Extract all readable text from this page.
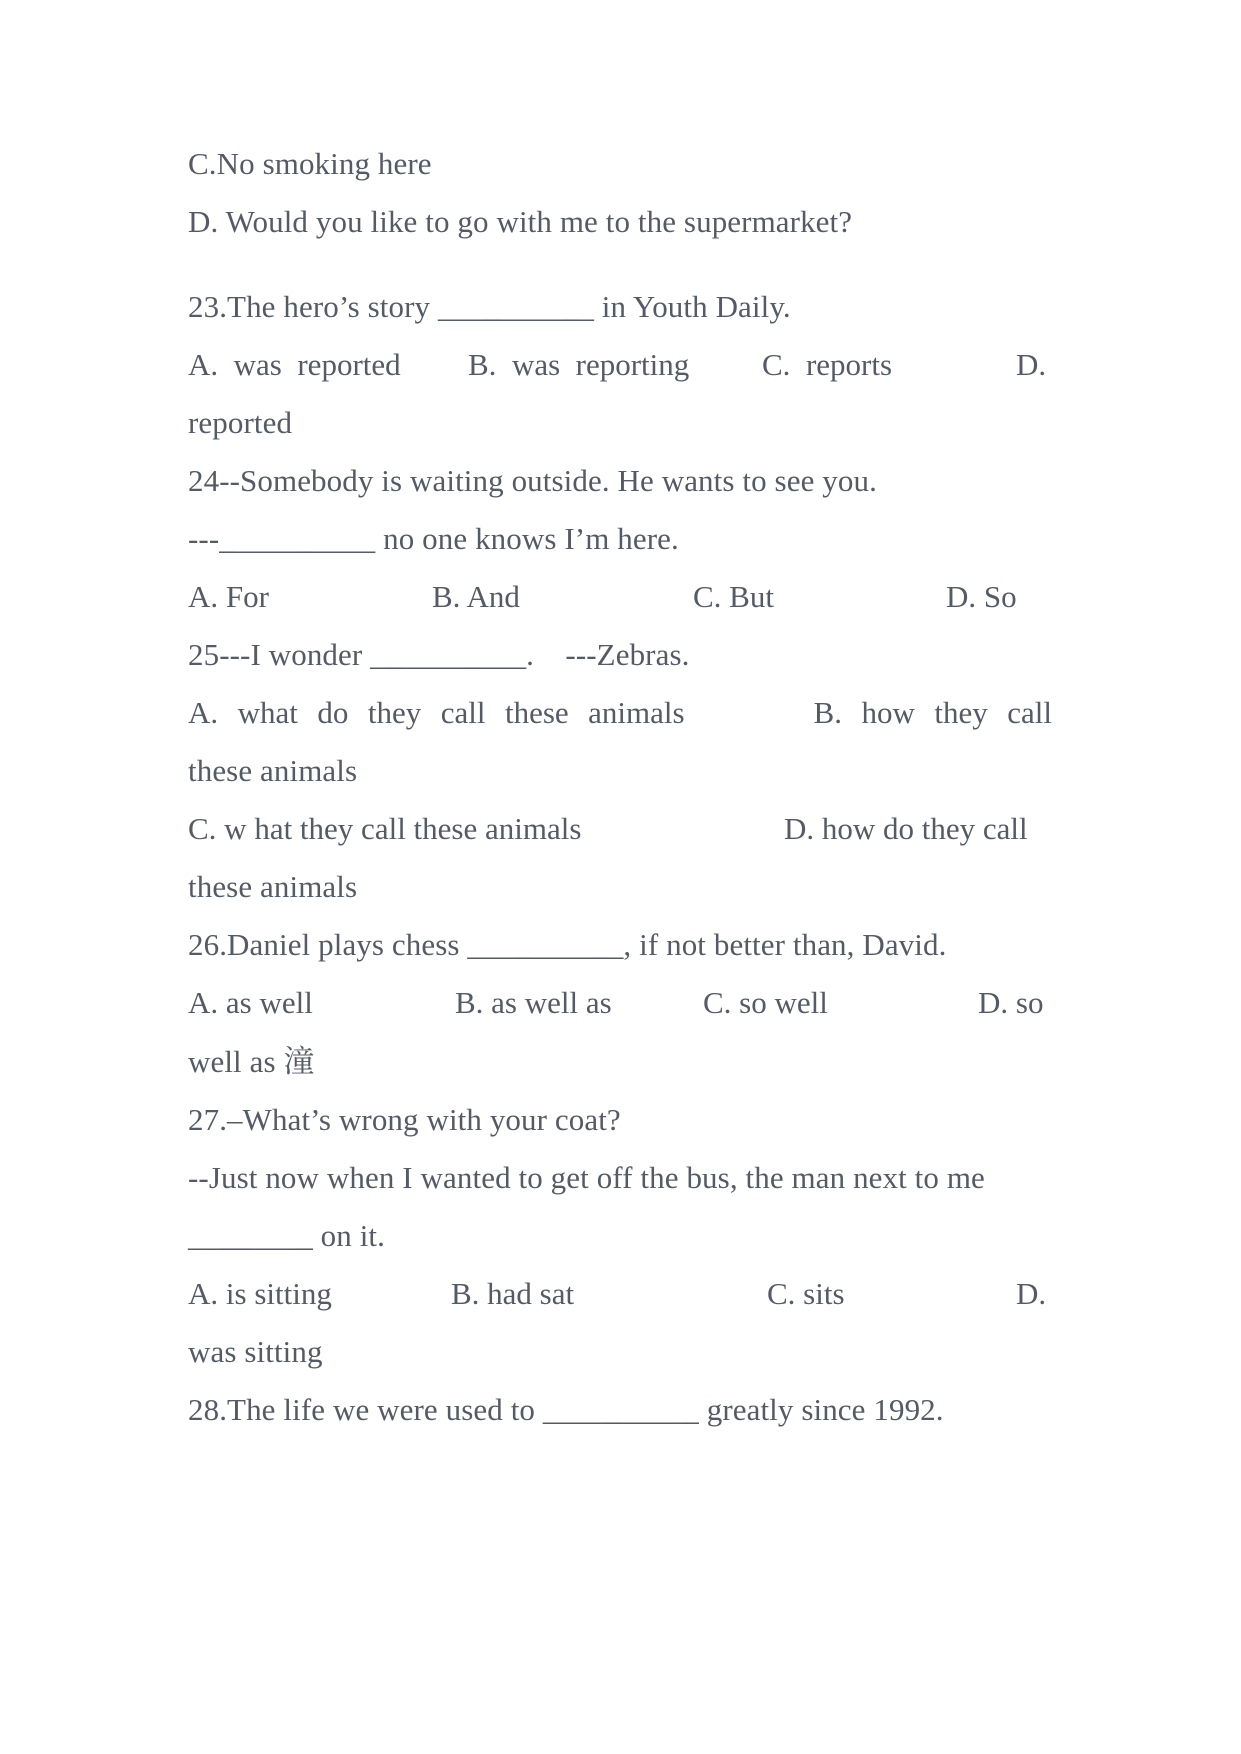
C.No smoking here
D. Would you like to go with me to the supermarket?
23.The hero’s story __________ in Youth Daily.
A. was reported B. was reporting C. reports	D.
reported
24--Somebody is waiting outside. He wants to see you.
---__________ no one knows I’m here.
A. For	B. And	C. But	D. So
25---I wonder __________.    ---Zebras.
A. what do they call these animals	B. how they call
these animals
C. w hat they call these animals	D. how do they call
these animals
26.Daniel plays chess __________, if not better than, David.
A. as well	B. as well as	C. so well	D. so
well as 潼
27.–What’s wrong with your coat?
--Just now when I wanted to get off the bus, the man next to me
________ on it.
A. is sitting	B. had sat	C. sits	D.
was sitting
28.The life we were used to __________ greatly since 1992.
